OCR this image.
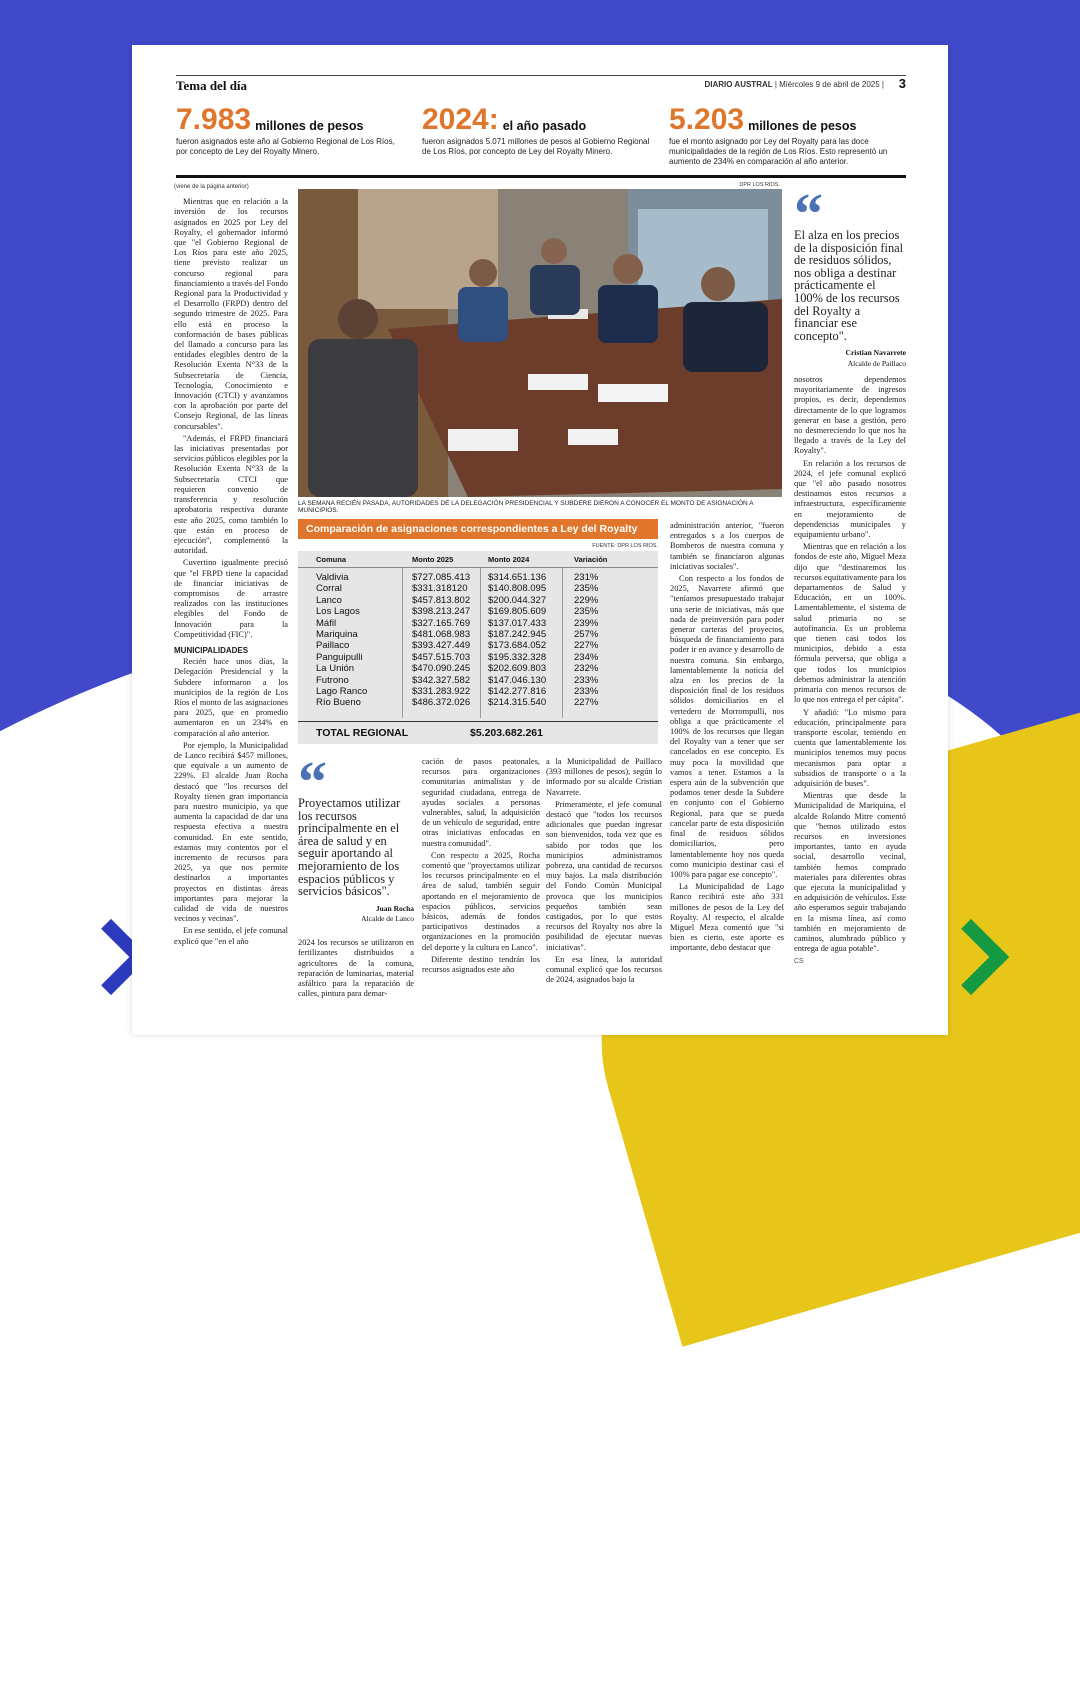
Tema del día	DIARIO AUSTRAL | Miércoles 9 de abril de 2025 | 3
7.983 millones de pesos
fueron asignados este año al Gobierno Regional de Los Ríos, por concepto de Ley del Royalty Minero.
2024: el año pasado
fueron asignados 5.071 millones de pesos al Gobierno Regional de Los Ríos, por concepto de Ley del Royalty Minero.
5.203 millones de pesos
fue el monto asignado por Ley del Royalty para las doce municipalidades de la región de Los Ríos. Esto representó un aumento de 234% en comparación al año anterior.
(viene de la página anterior)

Mientras que en relación a la inversión de los recursos asignados en 2025 por Ley del Royalty, el gobernador informó que "el Gobierno Regional de Los Ríos para este año 2025, tiene previsto realizar un concurso regional para financiamiento a través del Fondo Regional para la Productividad y el Desarrollo (FRPD) dentro del segundo trimestre de 2025. Para ello está en proceso la conformación de bases públicas del llamado a concurso para las entidades elegibles dentro de la Resolución Exenta N°33 de la Subsecretaría de Ciencia, Tecnología, Conocimiento e Innovación (CTCI) y avanzamos con la aprobación por parte del Consejo Regional, de las líneas concursables".

"Además, el FRPD financiará las iniciativas presentadas por servicios públicos elegibles por la Resolución Exenta N°33 de la Subsecretaría CTCI que requieren convenio de transferencia y resolución aprobatoria respectiva durante este año 2025, como también lo que están en proceso de ejecución", complementó la autoridad.

Cuvertino igualmente precisó que "el FRPD tiene la capacidad de financiar iniciativas de compromisos de arrastre realizados con las instituciones elegibles del Fondo de Innovación para la Competitividad (FIC)".

MUNICIPALIDADES

Recién hace unos días, la Delegación Presidencial y la Subdere informaron a los municipios de la región de Los Ríos el monto de las asignaciones para 2025, que en promedio aumentaron en un 234% en comparación al año anterior.

Por ejemplo, la Municipalidad de Lanco recibirá $457 millones, que equivale a un aumento de 229%. El alcalde Juan Rocha destacó que "los recursos del Royalty tienen gran importancia para nuestro municipio, ya que aumenta la capacidad de dar una respuesta efectiva a nuestra comunidad. En este sentido, estamos muy contentos por el incremento de recursos para 2025, ya que nos permite destinarlos a importantes proyectos en distintas áreas importantes para mejorar la calidad de vida de nuestros vecinos y vecinas".

En ese sentido, el jefe comunal explicó que "en el año

DPR LOS RÍOS.
LA SEMANA RECIÉN PASADA, AUTORIDADES DE LA DELEGACIÓN PRESIDENCIAL Y SUBDERE DIERON A CONOCER EL MONTO DE ASIGNACIÓN A MUNICIPIOS.
Comparación de asignaciones correspondientes a Ley del Royalty
FUENTE: DPR LOS RÍOS.
Comuna	Monto 2025	Monto 2024	Variación
Valdivia	$727.085.413 $314.651.136	231%
Corral	$331.318120 $140.808.095	235%
Lanco	$457.813.802 $200.044.327	229%
Los Lagos	$398.213.247 $169.805.609	235%
Máfil	$327.165.769 $137.017.433	239%
Mariquina	$481.068.983 $187.242.945	257%
Paillaco	$393.427.449 $173.684.052	227%
Panguipulli	$457.515.703 $195.332.328	234%
La Unión	$470.090.245 $202.609.803	232%
Futrono	$342.327.582 $147.046.130	233%
Lago Ranco	$331.283.922 $142.277.816	233%
Río Bueno	$486.372.026 $214.315.540	227%
TOTAL REGIONAL	$5.203.682.261
“
Proyectamos utilizar los recursos principalmente en el área de salud y en seguir aportando al mejoramiento de los espacios públicos y servicios básicos".
Juan Rocha
Alcalde de Lanco

2024 los recursos se utilizaron en fertilizantes distribuidos a agricultores de la comuna, reparación de luminarias, material asfáltico para la reparación de calles, pintura para demar-

cación de pasos peatonales, recursos para organizaciones comunitarias animalistas y de seguridad ciudadana, entrega de ayudas sociales a personas vulnerables, salud, la adquisición de un vehículo de seguridad, entre otras iniciativas enfocadas en nuestra comunidad".

Con respecto a 2025, Rocha comentó que "proyectamos utilizar los recursos principalmente en el área de salud, también seguir aportando en el mejoramiento de espacios públicos, servicios básicos, además de fondos participativos destinados a organizaciones en la promoción del deporte y la cultura en Lanco".

Diferente destino tendrán los recursos asignados este año

a la Municipalidad de Paillaco (393 millones de pesos), según lo informado por su alcalde Cristian Navarrete.

Primeramente, el jefe comunal destacó que "todos los recursos adicionales que puedan ingresar son bienvenidos, toda vez que es sabido por todos que los municipios administramos pobreza, una cantidad de recursos muy bajos. La mala distribución del Fondo Común Municipal provoca que los municipios pequeños también sean castigados, por lo que estos recursos del Royalty nos abre la posibilidad de ejecutar nuevas iniciativas".

En esa línea, la autoridad comunal explicó que los recursos de 2024, asignados bajo la

administración anterior, "fueron entregados s a los cuerpos de Bomberos de nuestra comuna y también se financiaron algunas iniciativas sociales".

Con respecto a los fondos de 2025, Navarrete afirmó que "teníamos presupuestado trabajar una serie de iniciativas, más que nada de preinversión para poder generar carteras del proyectos, búsqueda de financiamiento para poder ir en avance y desarrollo de nuestra comuna. Sin embargo, lamentablemente la noticia del alza en los precios de la disposición final de los residuos sólidos domiciliarios en el vertedero de Morrompulli, nos obliga a que prácticamente el 100% de los recursos que llegan del Royalty van a tener que ser cancelados en ese concepto. Es muy poca la movilidad que vamos a tener. Estamos a la espera aún de la subvención que podamos tener desde la Subdere en conjunto con el Gobierno Regional, para que se pueda cancelar parte de esta disposición final de residuos sólidos domiciliarios, pero lamentablemente hoy nos queda como municipio destinar casi el 100% para pagar ese concepto".

La Municipalidad de Lago Ranco recibirá este año 331 millones de pesos de la Ley del Royalty. Al respecto, el alcalde Miguel Meza comentó que "si bien es cierto, este aporte es importante, debo destacar que

“
El alza en los precios de la disposición final de residuos sólidos, nos obliga a destinar prácticamente el 100% de los recursos del Royalty a financiar ese concepto".
Cristian Navarrete
Alcalde de Paillaco

nosotros dependemos mayoritariamente de ingresos propios, es decir, dependemos directamente de lo que logramos generar en base a gestión, pero no desmereciendo lo que nos ha llegado a través de la Ley del Royalty".

En relación a los recursos de 2024, el jefe comunal explicó que "el año pasado nosotros destinamos estos recursos a infraestructura, específicamente en mejoramiento de dependencias municipales y equipamiento urbano".

Mientras que en relación a los fondos de este año, Miguel Meza dijo que "destinaremos los recursos equitativamente para los departamentos de Salud y Educación, en un 100%. Lamentablemente, el sistema de salud primaria no se autofinancia. Es un problema que tienen casi todos los municipios, debido a esta fórmula perversa, que obliga a que todos los municipios debemos administrar la atención primaria con menos recursos de lo que nos entrega el per cápita".

Y añadió: "Lo mismo para educación, principalmente para transporte escolar, teniendo en cuenta que lamentablemente los municipios tenemos muy pocos mecanismos para optar a subsidios de transporte o a la adquisición de buses".

Mientras que desde la Municipalidad de Mariquina, el alcalde Rolando Mitre comentó que "hemos utilizado estos recursos en inversiones importantes, tanto en ayuda social, desarrollo vecinal, también hemos comprado materiales para diferentes obras que ejecuta la municipalidad y en adquisición de vehículos. Este año esperamos seguir trabajando en la misma línea, así como también en mejoramiento de caminos, alumbrado público y entrega de agua potable".

CS
